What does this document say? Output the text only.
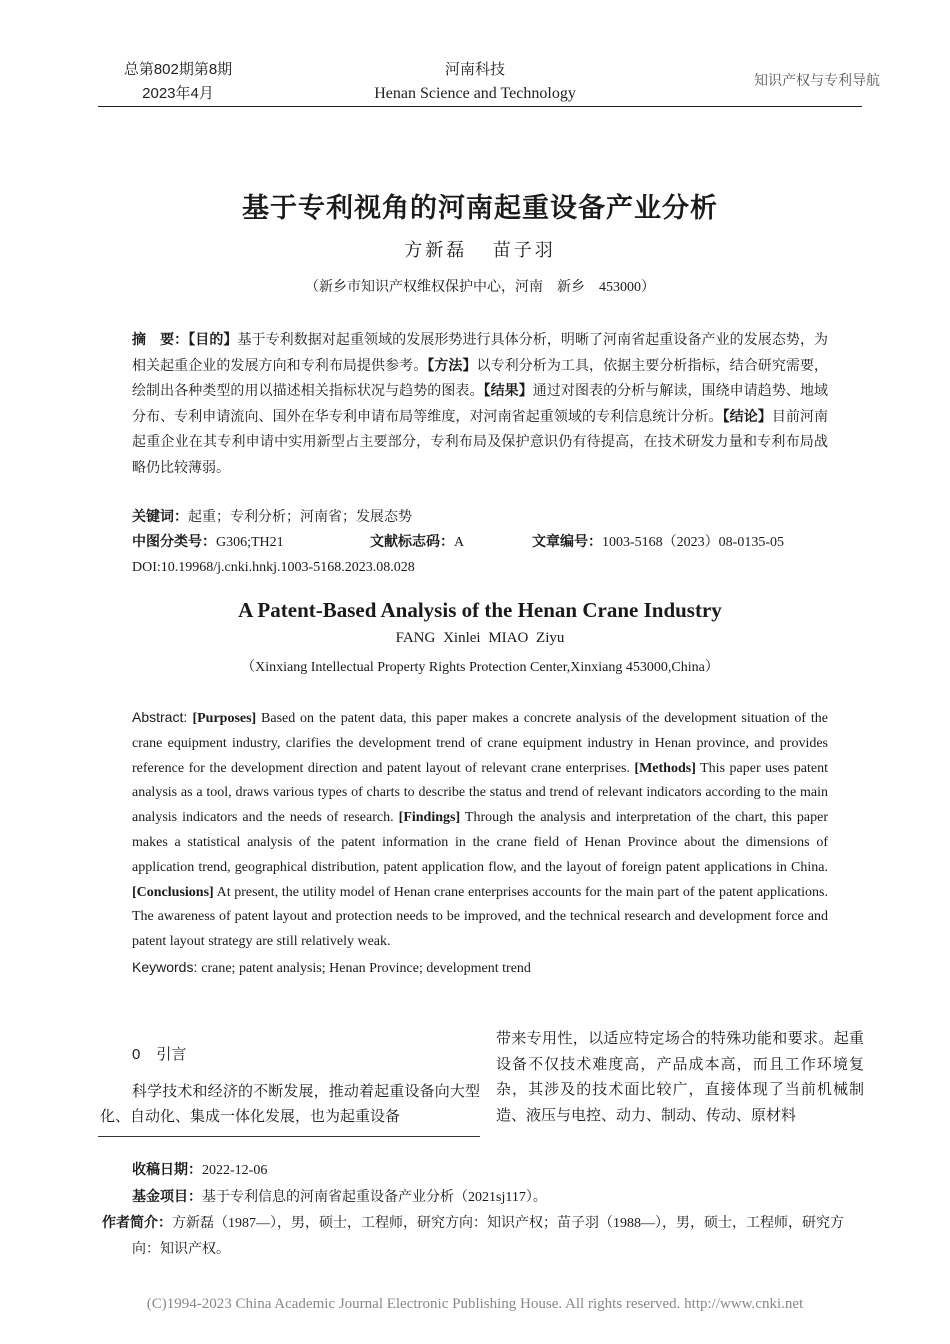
总第802期第8期
2023年4月
河南科技
Henan Science and Technology
知识产权与专利导航
基于专利视角的河南起重设备产业分析
方新磊 苗子羽
（新乡市知识产权维权保护中心，河南　新乡　453000）
摘　要：【目的】基于专利数据对起重领域的发展形势进行具体分析，明晰了河南省起重设备产业的发展态势，为相关起重企业的发展方向和专利布局提供参考。【方法】以专利分析为工具，依据主要分析指标，结合研究需要，绘制出各种类型的用以描述相关指标状况与趋势的图表。【结果】通过对图表的分析与解读，围绕申请趋势、地域分布、专利申请流向、国外在华专利申请布局等维度，对河南省起重领域的专利信息统计分析。【结论】目前河南起重企业在其专利申请中实用新型占主要部分，专利布局及保护意识仍有待提高，在技术研发力量和专利布局战略仍比较薄弱。
关键词：起重；专利分析；河南省；发展态势
中图分类号：G306;TH21	文献标志码：A	文章编号：1003-5168（2023）08-0135-05
DOI:10.19968/j.cnki.hnkj.1003-5168.2023.08.028
A Patent-Based Analysis of the Henan Crane Industry
FANG Xinlei MIAO Ziyu
（Xinxiang Intellectual Property Rights Protection Center,Xinxiang 453000,China）
Abstract: [Purposes] Based on the patent data, this paper makes a concrete analysis of the development situation of the crane equipment industry, clarifies the development trend of crane equipment industry in Henan province, and provides reference for the development direction and patent layout of relevant crane enterprises. [Methods] This paper uses patent analysis as a tool, draws various types of charts to describe the status and trend of relevant indicators according to the main analysis indicators and the needs of research. [Findings] Through the analysis and interpretation of the chart, this paper makes a statistical analysis of the patent information in the crane field of Henan Province about the dimensions of application trend, geographical distribution, patent application flow, and the layout of foreign patent applications in China. [Conclusions] At present, the utility model of Henan crane enterprises accounts for the main part of the patent applications. The awareness of patent layout and protection needs to be improved, and the technical research and development force and patent layout strategy are still relatively weak.
Keywords: crane; patent analysis; Henan Province; development trend
0 引言
科学技术和经济的不断发展，推动着起重设备向大型化、自动化、集成一体化发展，也为起重设备
带来专用性，以适应特定场合的特殊功能和要求。起重设备不仅技术难度高，产品成本高，而且工作环境复杂，其涉及的技术面比较广，直接体现了当前机械制造、液压与电控、动力、制动、传动、原材料
收稿日期：2022-12-06
基金项目：基于专利信息的河南省起重设备产业分析（2021sj117）。
作者简介：方新磊（1987—），男，硕士，工程师，研究方向：知识产权；苗子羽（1988—），男，硕士，工程师，研究方向：知识产权。
(C)1994-2023 China Academic Journal Electronic Publishing House. All rights reserved. http://www.cnki.net
